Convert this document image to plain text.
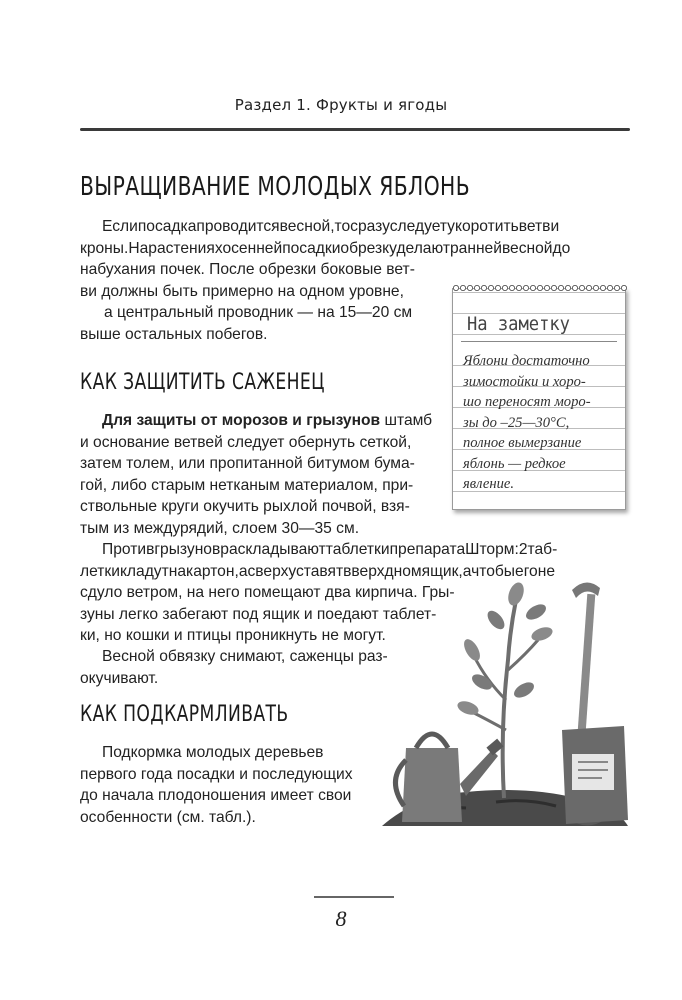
Раздел 1. Фрукты и ягоды
ВЫРАЩИВАНИЕ МОЛОДЫХ ЯБЛОНЬ
Еслипосадкапроводитсявесной,тосразуследуетукоротитьветви
кроны.Нарастенияхосеннейпосадкиобрезкуделаютраннейвеснойдо
набухания почек. После обрезки боковые вет-
ви должны быть примерно на одном уровне,
а центральный проводник — на 15—20 см
выше остальных побегов.	На заметку
Яблони достаточно
зимостойки и хоро-
шо переносят моро-
зы до –25—30°С,
полное вымерзание
яблонь — редкое
явление.
КАК ЗАЩИТИТЬ САЖЕНЕЦ
Для защиты от морозов и грызунов штамб
и основание ветвей следует обернуть сеткой,
затем толем, или пропитанной битумом бума-
гой, либо старым нетканым материалом, при-
ствольные круги окучить рыхлой почвой, взя-
тым из междурядий, слоем 30—35 см.
ПротивгрызуновраскладываюттаблеткипрепаратаШторм:2таб-
леткикладутнакартон,асверхуставятвверхдномящик,ачтобыегоне
сдуло ветром, на него помещают два кирпича. Гры-
зуны легко забегают под ящик и поедают таблет-
ки, но кошки и птицы проникнуть не могут.
Весной обвязку снимают, саженцы раз-
окучивают.
КАК ПОДКАРМЛИВАТЬ
Подкормка молодых деревьев
первого года посадки и последующих
до начала плодоношения имеет свои
особенности (см. табл.).
8
